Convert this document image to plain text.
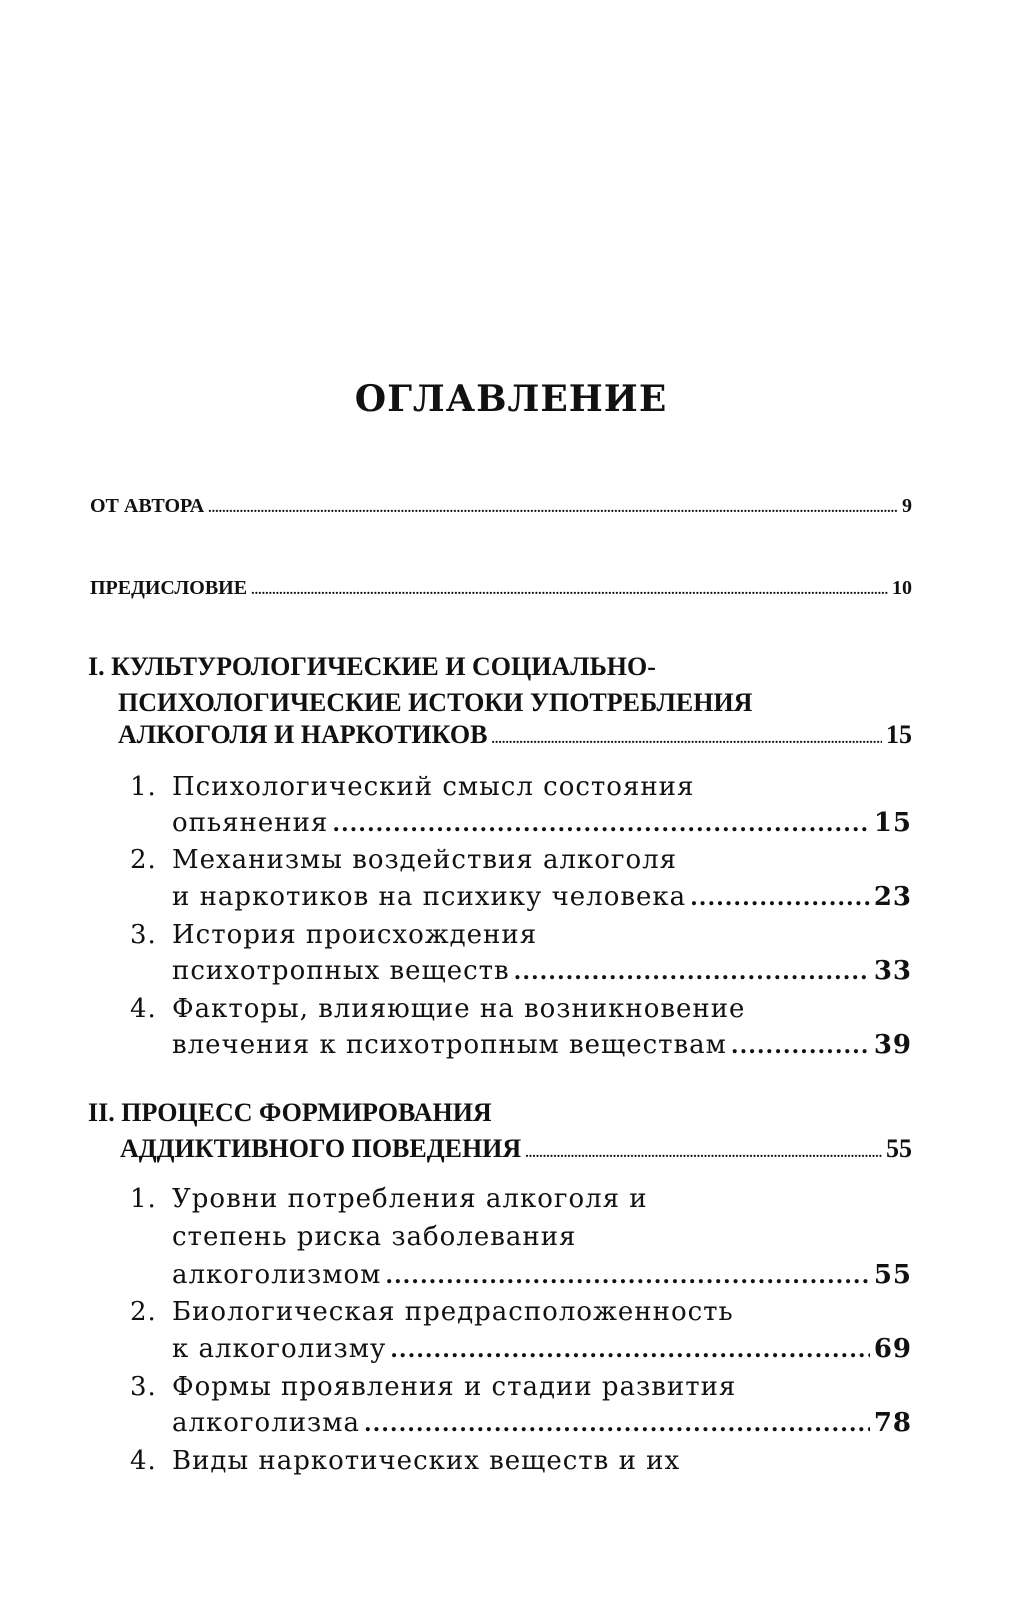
ОГЛАВЛЕНИЕ
ОТ АВТОРА .....	9
ПРЕДИСЛОВИЕ .....	10
I. КУЛЬТУРОЛОГИЧЕСКИЕ И СОЦИАЛЬНО-
ПСИХОЛОГИЧЕСКИЕ ИСТОКИ УПОТРЕБЛЕНИЯ
АЛКОГОЛЯ И НАРКОТИКОВ .....	15
1. Психологический смысл состояния
опьянения .....	15
2. Механизмы воздействия алкоголя
и наркотиков на психику человека .....	23
3. История происхождения
психотропных веществ .....	33
4. Факторы, влияющие на возникновение
влечения к психотропным веществам .....	39
II. ПРОЦЕСС ФОРМИРОВАНИЯ
АДДИКТИВНОГО ПОВЕДЕНИЯ .....	55
1. Уровни потребления алкоголя и
степень риска заболевания
алкоголизмом .....	55
2. Биологическая предрасположенность
к алкоголизму .....	69
3. Формы проявления и стадии развития
алкоголизма .....	78
4. Виды наркотических веществ и их
